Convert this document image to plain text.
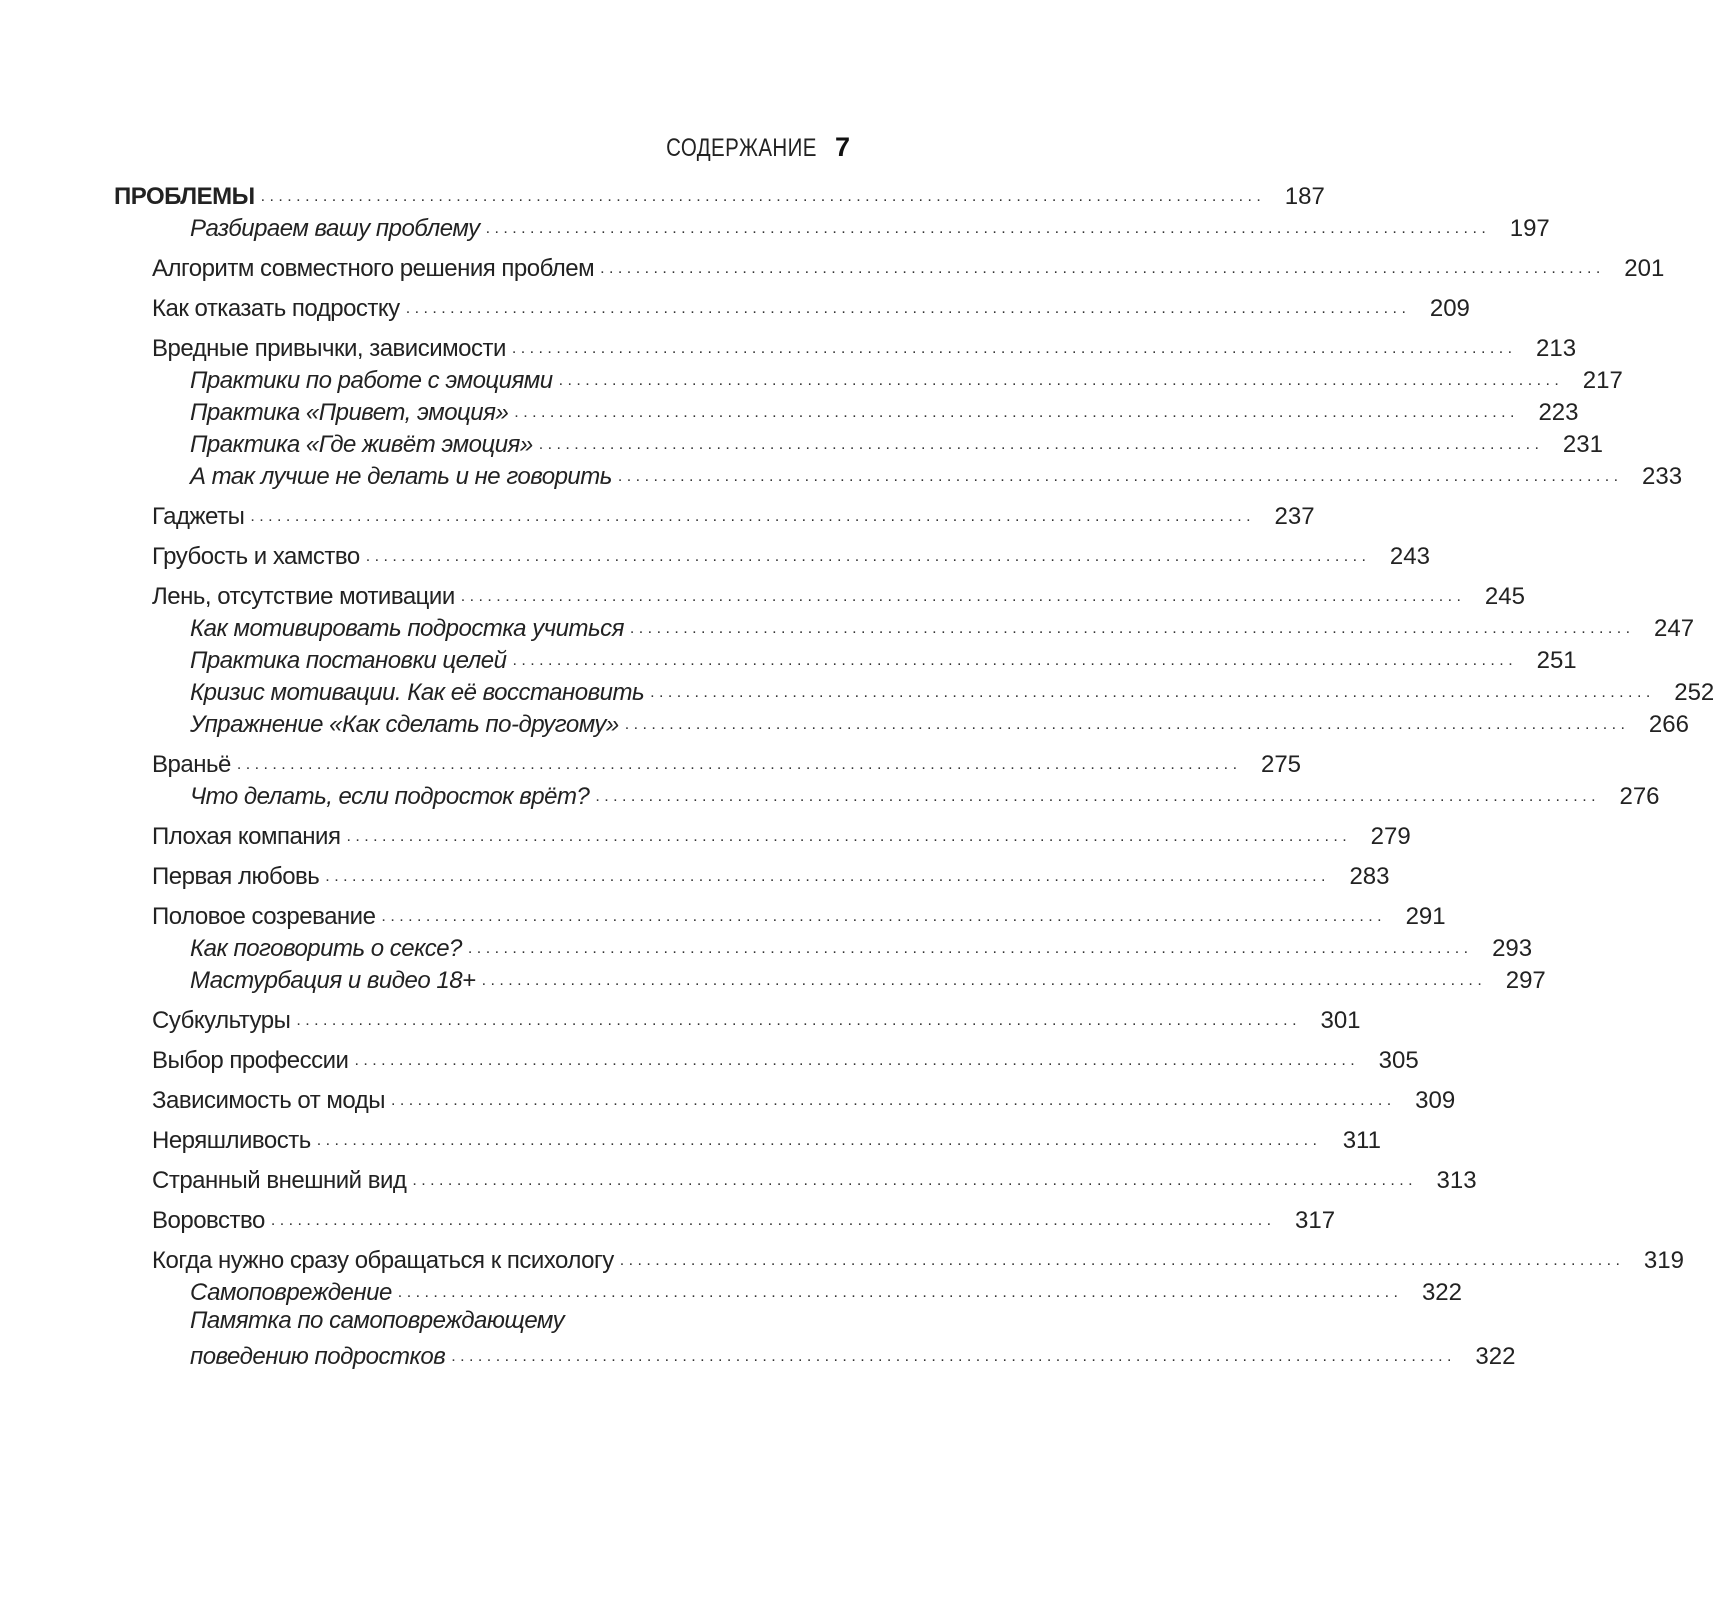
СОДЕРЖАНИЕ 7
ПРОБЛЕМЫ . . .	187
Разбираем вашу проблему . . .	197
Алгоритм совместного решения проблем . . .	201
Как отказать подростку . . .	209
Вредные привычки, зависимости . . .	213
Практики по работе с эмоциями . . .	217
Практика «Привет, эмоция» . . .	223
Практика «Где живёт эмоция» . . .	231
А так лучше не делать и не говорить . . .	233
Гаджеты . . .	237
Грубость и хамство . . .	243
Лень, отсутствие мотивации . . .	245
Как мотивировать подростка учиться . . .	247
Практика постановки целей . . .	251
Кризис мотивации. Как её восстановить . . .	252
Упражнение «Как сделать по-другому» . . .	266
Враньё . . .	275
Что делать, если подросток врёт? . . .	276
Плохая компания . . .	279
Первая любовь . . .	283
Половое созревание . . .	291
Как поговорить о сексе? . . .	293
Мастурбация и видео 18+ . . .	297
Субкультуры . . .	301
Выбор профессии . . .	305
Зависимость от моды . . .	309
Неряшливость . . .	311
Странный внешний вид . . .	313
Воровство . . .	317
Когда нужно сразу обращаться к психологу . . .	319
Самоповреждение . . .	322
Памятка по самоповреждающему
поведению подростков . . .	322
